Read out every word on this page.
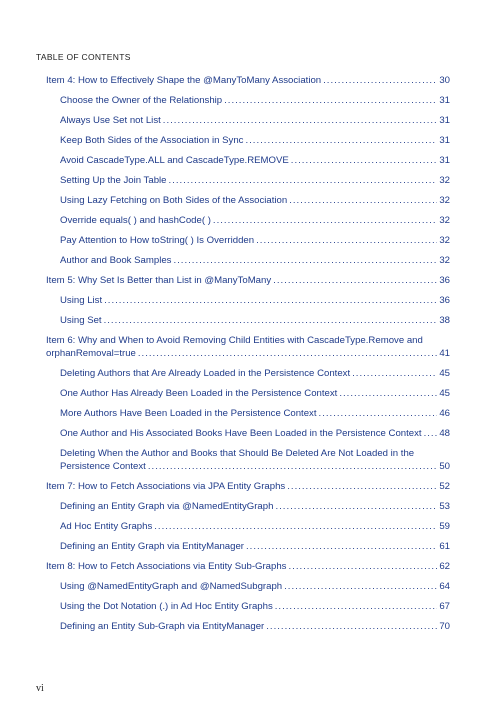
TABLE OF CONTENTS
Item 4: How to Effectively Shape the @ManyToMany Association .....	30
Choose the Owner of the Relationship .....	31
Always Use Set not List .....	31
Keep Both Sides of the Association in Sync .....	31
Avoid CascadeType.ALL and CascadeType.REMOVE .....	31
Setting Up the Join Table .....	32
Using Lazy Fetching on Both Sides of the Association .....	32
Override equals( ) and hashCode( ) .....	32
Pay Attention to How toString( ) Is Overridden .....	32
Author and Book Samples .....	32
Item 5: Why Set Is Better than List in @ManyToMany .....	36
Using List .....	36
Using Set .....	38
Item 6: Why and When to Avoid Removing Child Entities with CascadeType.Remove and
orphanRemoval=true .....	41
Deleting Authors that Are Already Loaded in the Persistence Context .....	45
One Author Has Already Been Loaded in the Persistence Context .....	45
More Authors Have Been Loaded in the Persistence Context .....	46
One Author and His Associated Books Have Been Loaded in the Persistence Context ..... 48
Deleting When the Author and Books that Should Be Deleted Are Not Loaded in the
Persistence Context .....	50
Item 7: How to Fetch Associations via JPA Entity Graphs .....	52
Defining an Entity Graph via @NamedEntityGraph .....	53
Ad Hoc Entity Graphs .....	59
Defining an Entity Graph via EntityManager .....	61
Item 8: How to Fetch Associations via Entity Sub-Graphs .....	62
Using @NamedEntityGraph and @NamedSubgraph .....	64
Using the Dot Notation (.) in Ad Hoc Entity Graphs .....	67
Defining an Entity Sub-Graph via EntityManager .....	70
vi
